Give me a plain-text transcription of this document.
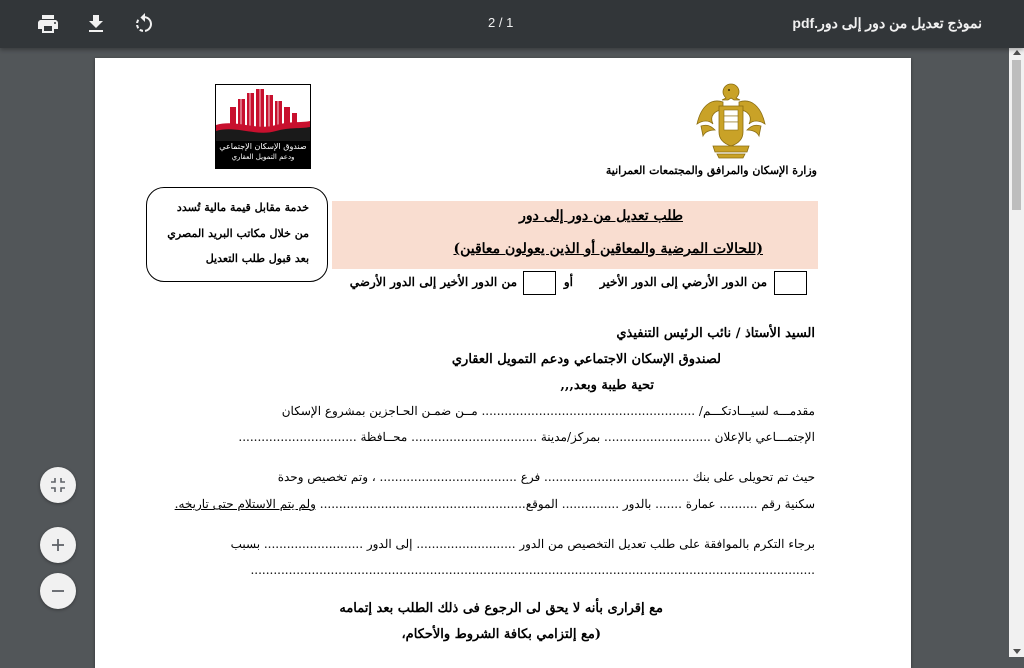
نموذج تعديل من دور إلى دور.pdf
2 / 1
وزارة الإسكان والمرافق والمجتمعات العمرانية
صندوق الإسكان الإجتماعي
ودعم التمويل العقاري
خدمة مقابل قيمة مالية تُسدد
من خلال مكاتب البريد المصري
بعد قبول طلب التعديل
طلب تعديل من دور إلى دور
(للحالات المرضية والمعاقين أو الذين يعولون معاقين)
من الدور الأرضي إلى الدور الأخير
أو
من الدور الأخير إلى الدور الأرضي
السيد الأستاذ / نائب الرئيس التنفيذي
لصندوق الإسكان الاجتماعي ودعم التمويل العقاري
تحية طيبة وبعد,,,
مقدمـــه لسيـــادتكـــم/ ........................................................ مــن ضمـن الحـاجزين بمشروع الإسكان
الإجتمـــاعي بالإعلان ............................ بمركز/مدينة ................................. محــافظة ...............................
حيث تم تحويلى على بنك ...................................... فرع .................................... ، وتم تخصيص وحدة
سكنية رقم .......... عمارة ....... بالدور ............... الموقع...................................................... ولم يتم الاستلام حتى تاريخه.
برجاء التكرم بالموافقة على طلب تعديل التخصيص من الدور .......................... إلى الدور .......................... بسبب
....................................................................................................................................................
مع إقرارى بأنه لا يحق لى الرجوع فى ذلك الطلب بعد إتمامه
(مع إلتزامي بكافة الشروط والأحكام،
